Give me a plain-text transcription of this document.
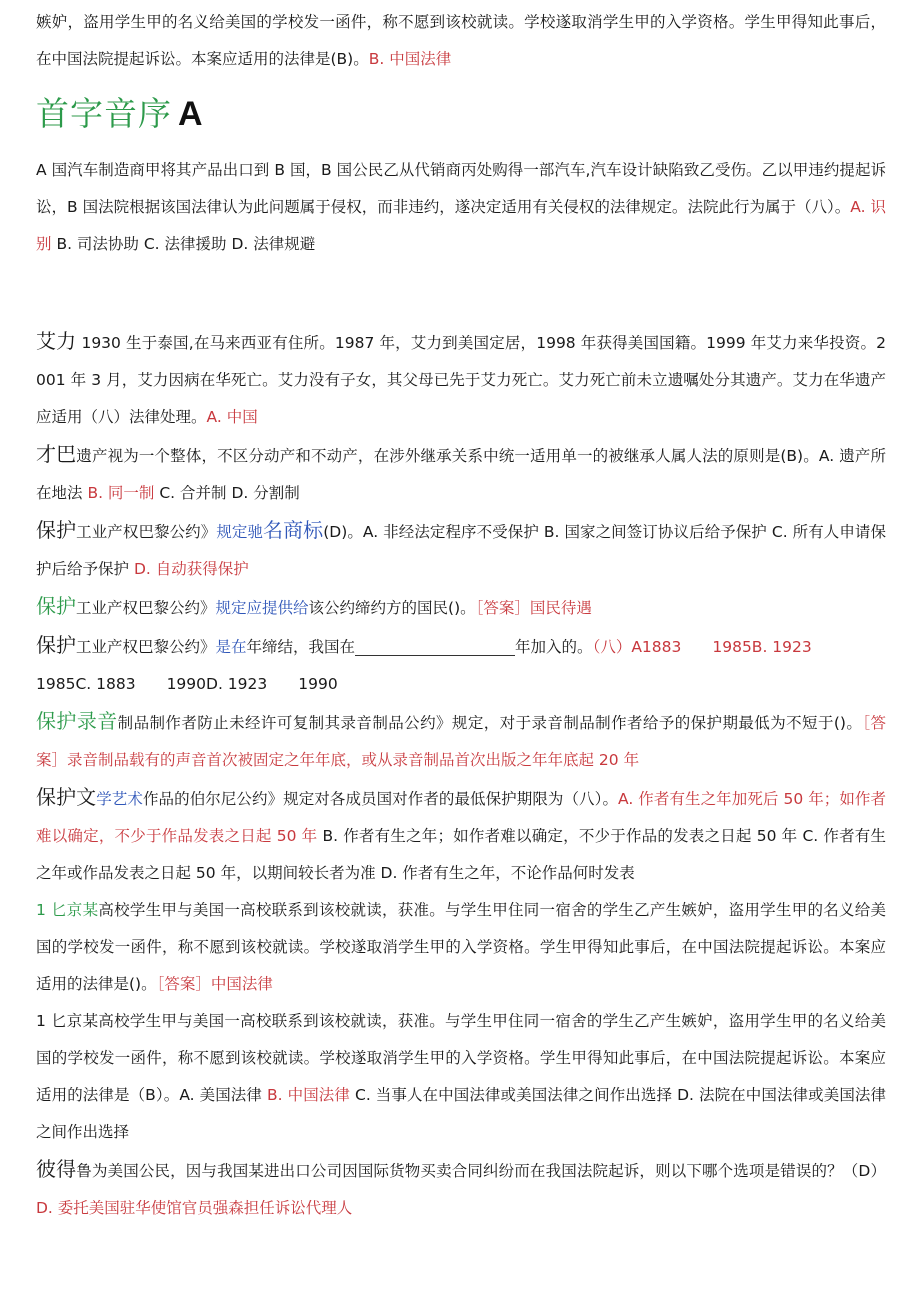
嫉妒，盗用学生甲的名义给美国的学校发一函件，称不愿到该校就读。学校遂取消学生甲的入学资格。学生甲得知此事后，在中国法院提起诉讼。本案应适用的法律是(B)。B. 中国法律

首字音序 A

A 国汽车制造商甲将其产品出口到 B 国，B 国公民乙从代销商丙处购得一部汽车,汽车设计缺陷致乙受伤。乙以甲违约提起诉讼，B 国法院根据该国法律认为此问题属于侵权，而非违约，遂决定适用有关侵权的法律规定。法院此行为属于（八）。A. 识别 B. 司法协助 C. 法律援助 D. 法律规避

艾力 1930 生于泰国,在马来西亚有住所。1987 年，艾力到美国定居，1998 年获得美国国籍。1999 年艾力来华投资。2001 年 3 月，艾力因病在华死亡。艾力没有子女，其父母已先于艾力死亡。艾力死亡前未立遗嘱处分其遗产。艾力在华遗产应适用（八）法律处理。A. 中国

才巴遗产视为一个整体，不区分动产和不动产，在涉外继承关系中统一适用单一的被继承人属人法的原则是(B)。A. 遗产所在地法 B. 同一制 C. 合并制 D. 分割制

保护工业产权巴黎公约》规定驰名商标(D)。A. 非经法定程序不受保护 B. 国家之间签订协议后给予保护 C. 所有人申请保护后给予保护 D. 自动获得保护

保护工业产权巴黎公约》规定应提供给该公约缔约方的国民()。［答案］国民待遇

保护工业产权巴黎公约》是在年缔结，我国在	年加入的。（八）A1883　　1985B. 1923
1985C. 1883　　1990D. 1923　　1990

保护录音制品制作者防止未经许可复制其录音制品公约》规定，对于录音制品制作者给予的保护期最低为不短于()。［答案］录音制品载有的声音首次被固定之年年底，或从录音制品首次出版之年年底起 20 年

保护文学艺术作品的伯尔尼公约》规定对各成员国对作者的最低保护期限为（八）。A. 作者有生之年加死后 50 年；如作者难以确定，不少于作品发表之日起 50 年 B. 作者有生之年；如作者难以确定，不少于作品的发表之日起 50 年 C. 作者有生之年或作品发表之日起 50 年，以期间较长者为准 D. 作者有生之年，不论作品何时发表

1 匕京某高校学生甲与美国一高校联系到该校就读，获准。与学生甲住同一宿舍的学生乙产生嫉妒，盗用学生甲的名义给美国的学校发一函件，称不愿到该校就读。学校遂取消学生甲的入学资格。学生甲得知此事后，在中国法院提起诉讼。本案应适用的法律是()。［答案］中国法律

1 匕京某高校学生甲与美国一高校联系到该校就读，获准。与学生甲住同一宿舍的学生乙产生嫉妒，盗用学生甲的名义给美国的学校发一函件，称不愿到该校就读。学校遂取消学生甲的入学资格。学生甲得知此事后，在中国法院提起诉讼。本案应适用的法律是（B）。A. 美国法律 B. 中国法律 C. 当事人在中国法律或美国法律之间作出选择 D. 法院在中国法律或美国法律之间作出选择

彼得鲁为美国公民，因与我国某进出口公司因国际货物买卖合同纠纷而在我国法院起诉，则以下哪个选项是错误的？（D）D. 委托美国驻华使馆官员强森担任诉讼代理人
